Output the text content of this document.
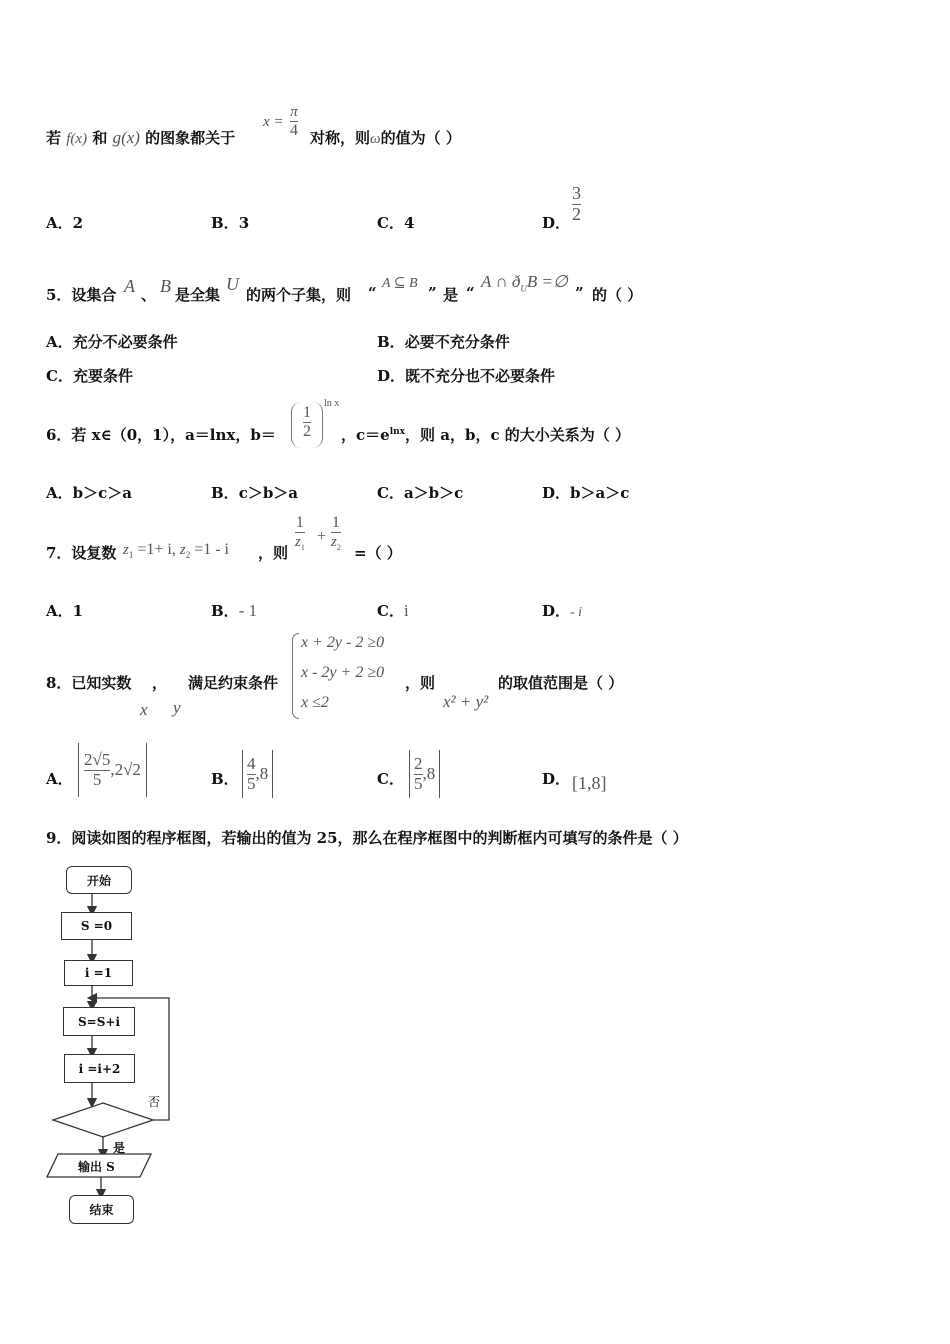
若 f(x) 和 g(x) 的图象都关于
$x = \frac{\pi}{4}$ 对称，则ω的值为（ ）
A．2	B．3	C．4	D． $\frac{3}{2}$
5．设集合 A 、 B 是全集
U
的两个子集，则 “
A ⊆ B
” 是 “
A ∩ $ð_UB$ =∅
” 的（ ）
A．充分不必要条件	B．必要不充分条件
C．充要条件	D．既不充分也不必要条件
6．若 x∈（0，1），a＝lnx，$b= \frac{1}{2}$
ln x
，$c=e^{lnx}$，则 a，b，c 的大小关系为（ ）
A．b＞c＞a	B．c＞b＞a	C．a＞b＞c	D．b＞a＞c
7．设复数 $z_1 =1+ i$, $z_2 =1 - i$ ，则
$\frac{1}{z_1} + \frac{1}{z_2}$
=（ ）
A．1	B．- 1	C．i	D．- i
8．已知实数 ， 满足约束条件
x y
x + 2y - 2 ≥0
x - 2y + 2 ≥0
x ≤2
，则
x² + y²
的取值范围是（ ）
A． $\frac{2√5}{5} ,2√2$	B． $\frac{4}{5} ,8$	C． $\frac{2}{5} ,8$	D． [1,8]
9．阅读如图的程序框图，若输出的值为 25，那么在程序框图中的判断框内可填写的条件是（ ）
开始
S =0
i =1
S=S+i
i =i+2
输出 S
结束
否
是
